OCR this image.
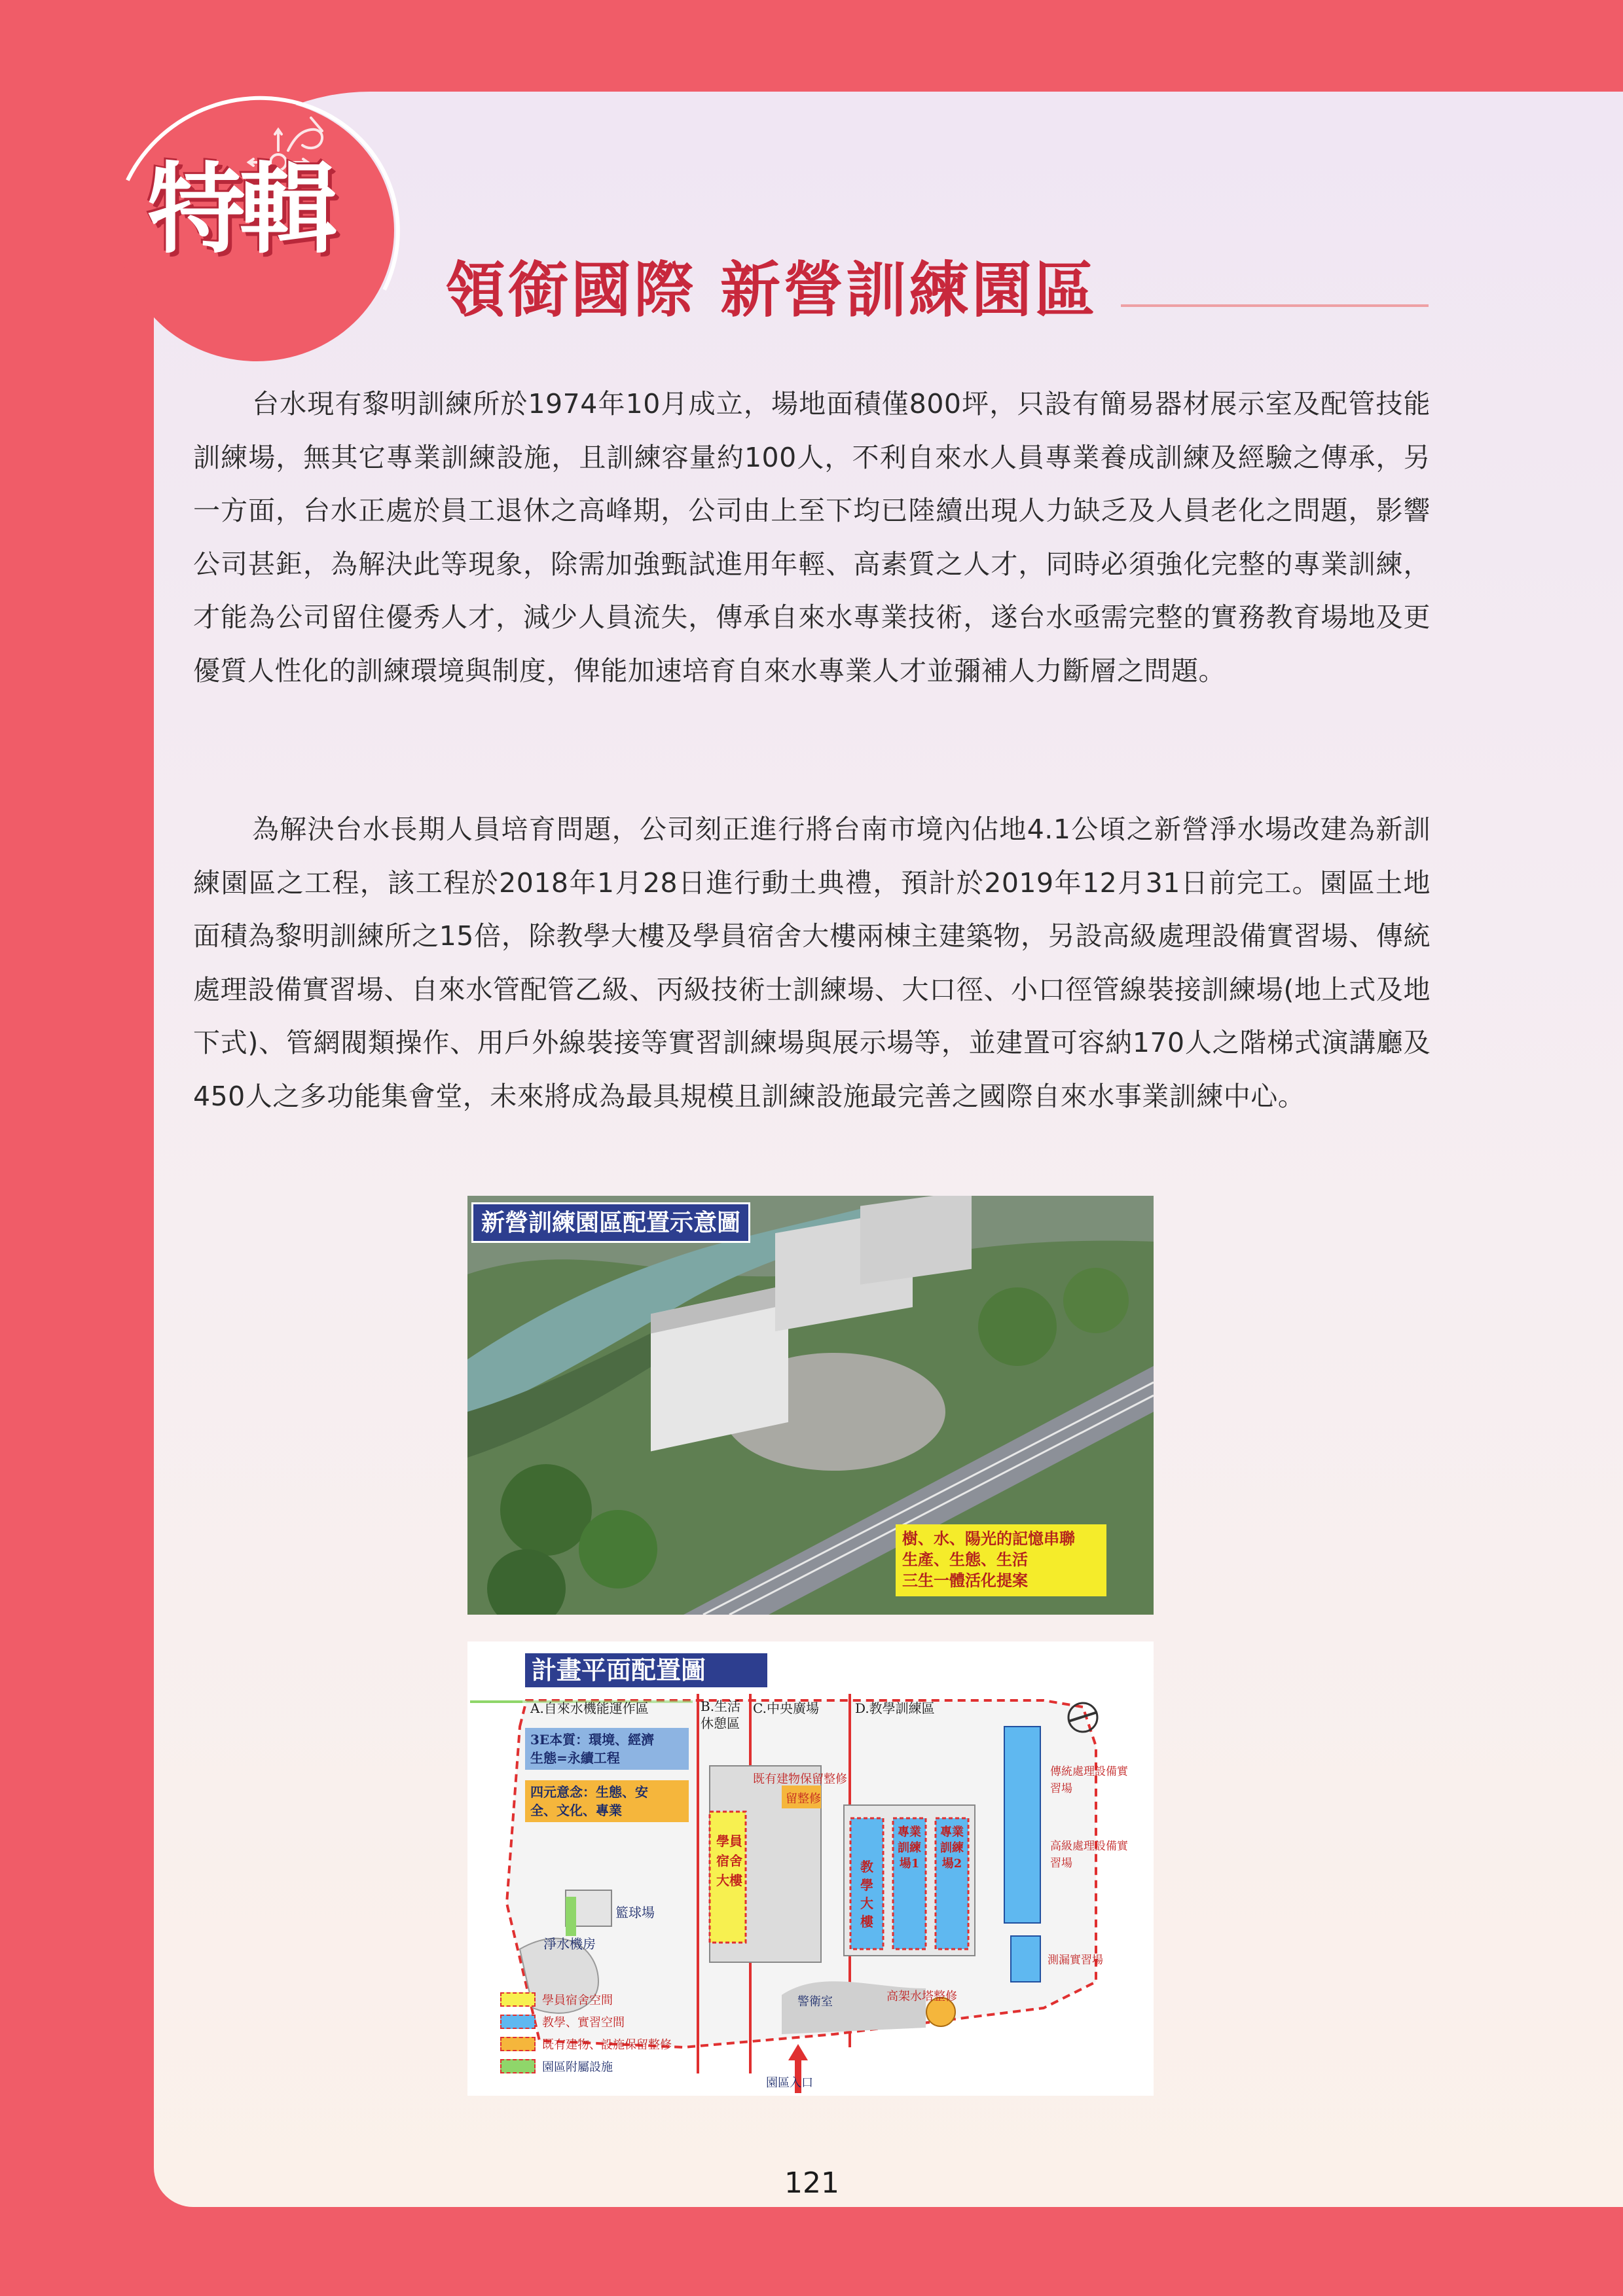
特輯
領銜國際 新營訓練園區

台水現有黎明訓練所於1974年10月成立，場地面積僅800坪，只設有簡易器材展示室及配管技能訓練場，無其它專業訓練設施，且訓練容量約100人，不利自來水人員專業養成訓練及經驗之傳承，另一方面，台水正處於員工退休之高峰期，公司由上至下均已陸續出現人力缺乏及人員老化之問題，影響公司甚鉅，為解決此等現象，除需加強甄試進用年輕、高素質之人才，同時必須強化完整的專業訓練，才能為公司留住優秀人才，減少人員流失，傳承自來水專業技術，遂台水亟需完整的實務教育場地及更優質人性化的訓練環境與制度，俾能加速培育自來水專業人才並彌補人力斷層之問題。

為解決台水長期人員培育問題，公司刻正進行將台南市境內佔地4.1公頃之新營淨水場改建為新訓練園區之工程，該工程於2018年1月28日進行動土典禮，預計於2019年12月31日前完工。園區土地面積為黎明訓練所之15倍，除教學大樓及學員宿舍大樓兩棟主建築物，另設高級處理設備實習場、傳統處理設備實習場、自來水管配管乙級、丙級技術士訓練場、大口徑、小口徑管線裝接訓練場(地上式及地下式)、管網閥類操作、用戶外線裝接等實習訓練場與展示場等，並建置可容納170人之階梯式演講廳及450人之多功能集會堂，未來將成為最具規模且訓練設施最完善之國際自來水事業訓練中心。

新營訓練園區配置示意圖
樹、水、陽光的記憶串聯
生產、生態、生活
三生一體活化提案
計畫平面配置圖
A.自來水機能運作區	B.生活休憩區
C.中央廣場	D.教學訓練區
3E本質：環境、經濟
生態=永續工程
四元意念：生態、安
全、文化、專業
既有建物保留整修
留整修
學員宿舍大樓
教學大樓
專業訓練場1
專業訓練場2
籃球場
淨水機房
警衛室	高架水塔整修
傳統處理設備實習場
高級處理設備實習場
測漏實習場
園區入口
學員宿舍空間
教學、實習空間
既有建物、設施保留整修
園區附屬設施
121
